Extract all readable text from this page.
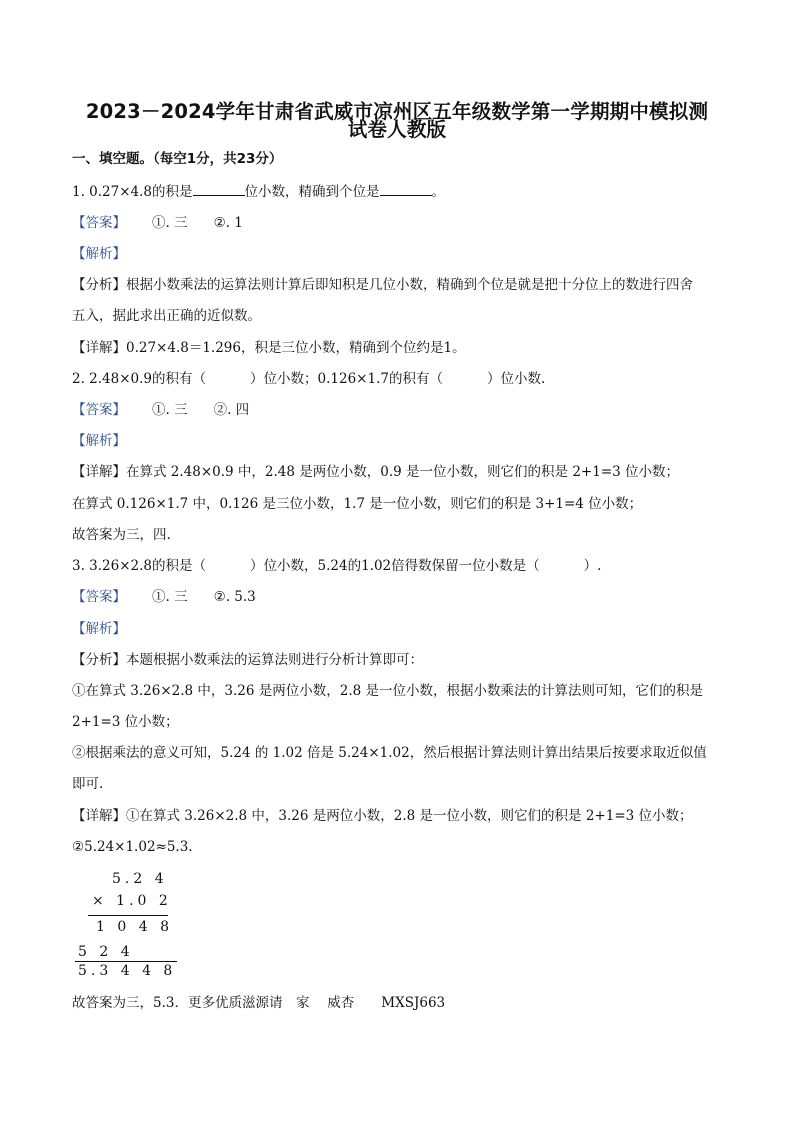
2023－2024学年甘肃省武威市凉州区五年级数学第一学期期中模拟测
试卷人教版
一、填空题。（每空1分，共23分）
1. 0.27×4.8的积是	位小数，精确到个位是	。
【答案】 ①. 三 ②. 1
【解析】
【分析】根据小数乘法的运算法则计算后即知积是几位小数，精确到个位是就是把十分位上的数进行四舍
五入，据此求出正确的近似数。
【详解】0.27×4.8＝1.296，积是三位小数，精确到个位约是1。
2. 2.48×0.9的积有（	）位小数；0.126×1.7的积有（	）位小数.
【答案】 ①. 三 ②. 四
【解析】
【详解】在算式 2.48×0.9 中，2.48 是两位小数，0.9 是一位小数，则它们的积是 2+1=3 位小数；
在算式 0.126×1.7 中，0.126 是三位小数，1.7 是一位小数，则它们的积是 3+1=4 位小数；
故答案为三，四.
3. 3.26×2.8的积是（	）位小数，5.24的1.02倍得数保留一位小数是（	）.
【答案】 ①. 三 ②. 5.3
【解析】
【分析】本题根据小数乘法的运算法则进行分析计算即可：
①在算式 3.26×2.8 中，3.26 是两位小数，2.8 是一位小数，根据小数乘法的计算法则可知，它们的积是
2+1=3 位小数；
②根据乘法的意义可知，5.24 的 1.02 倍是 5.24×1.02，然后根据计算法则计算出结果后按要求取近似值
即可.
【详解】①在算式 3.26×2.8 中，3.26 是两位小数，2.8 是一位小数，则它们的积是 2+1=3 位小数；
②5.24×1.02≈5.3.
5.2 4
× 1.0 2
1 0 4 8
5 2 4
5.3 4 4 8
故答案为三，5.3．更多优质滋源请　家　 威杏　　MXSJ663
